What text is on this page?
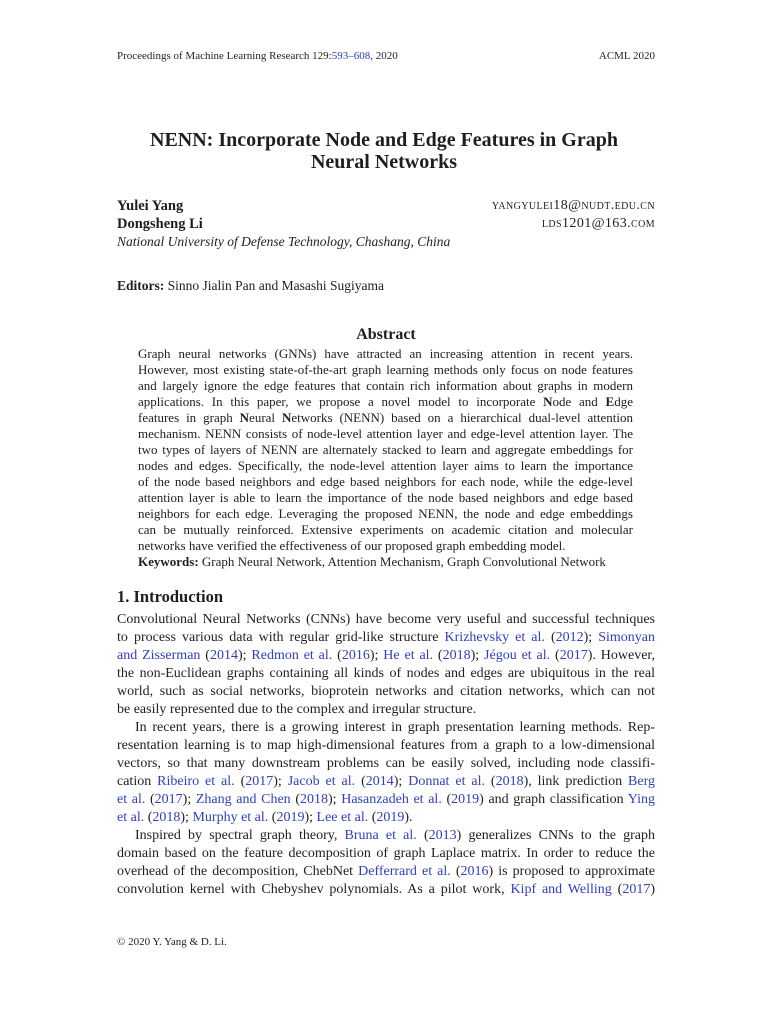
Proceedings of Machine Learning Research 129:593–608, 2020	ACML 2020
NENN: Incorporate Node and Edge Features in Graph
Neural Networks
Yulei Yang	yangyulei18@nudt.edu.cn
Dongsheng Li	lds1201@163.com
National University of Defense Technology, Chashang, China
Editors: Sinno Jialin Pan and Masashi Sugiyama
Abstract
Graph neural networks (GNNs) have attracted an increasing attention in recent years.
However, most existing state-of-the-art graph learning methods only focus on node features
and largely ignore the edge features that contain rich information about graphs in modern
applications. In this paper, we propose a novel model to incorporate Node and Edge
features in graph Neural Networks (NENN) based on a hierarchical dual-level attention
mechanism. NENN consists of node-level attention layer and edge-level attention layer. The
two types of layers of NENN are alternately stacked to learn and aggregate embeddings for
nodes and edges. Specifically, the node-level attention layer aims to learn the importance
of the node based neighbors and edge based neighbors for each node, while the edge-level
attention layer is able to learn the importance of the node based neighbors and edge based
neighbors for each edge. Leveraging the proposed NENN, the node and edge embeddings
can be mutually reinforced. Extensive experiments on academic citation and molecular
networks have verified the effectiveness of our proposed graph embedding model.
Keywords: Graph Neural Network, Attention Mechanism, Graph Convolutional Network
1. Introduction
Convolutional Neural Networks (CNNs) have become very useful and successful techniques
to process various data with regular grid-like structure Krizhevsky et al. (2012); Simonyan
and Zisserman (2014); Redmon et al. (2016); He et al. (2018); Jégou et al. (2017). However,
the non-Euclidean graphs containing all kinds of nodes and edges are ubiquitous in the real
world, such as social networks, bioprotein networks and citation networks, which can not
be easily represented due to the complex and irregular structure.
In recent years, there is a growing interest in graph presentation learning methods. Rep-
resentation learning is to map high-dimensional features from a graph to a low-dimensional
vectors, so that many downstream problems can be easily solved, including node classifi-
cation Ribeiro et al. (2017); Jacob et al. (2014); Donnat et al. (2018), link prediction Berg
et al. (2017); Zhang and Chen (2018); Hasanzadeh et al. (2019) and graph classification Ying
et al. (2018); Murphy et al. (2019); Lee et al. (2019).
Inspired by spectral graph theory, Bruna et al. (2013) generalizes CNNs to the graph
domain based on the feature decomposition of graph Laplace matrix. In order to reduce the
overhead of the decomposition, ChebNet Defferrard et al. (2016) is proposed to approximate
convolution kernel with Chebyshev polynomials. As a pilot work, Kipf and Welling (2017)
© 2020 Y. Yang & D. Li.
